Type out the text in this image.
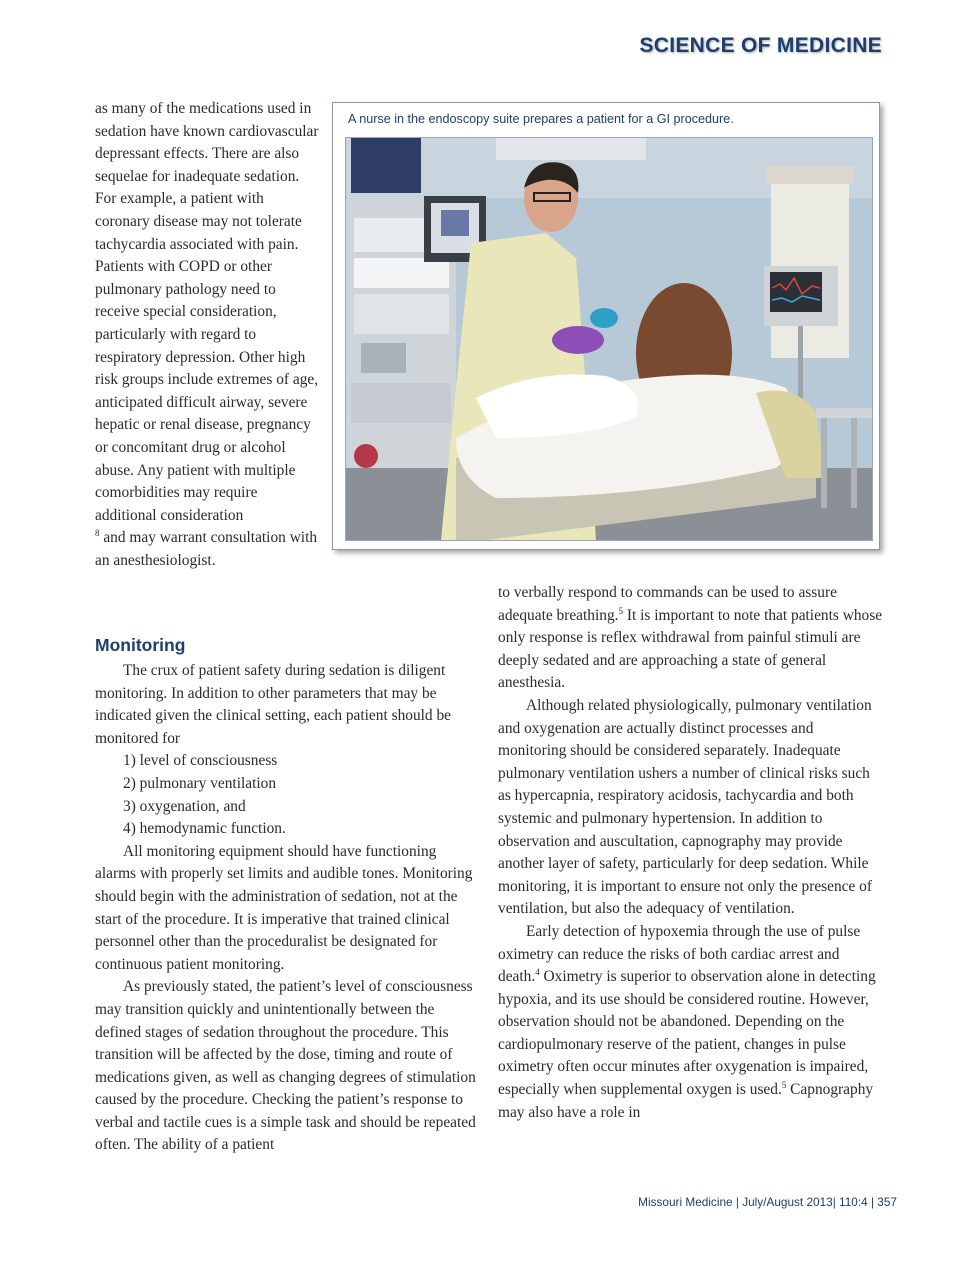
SCIENCE OF MEDICINE

as many of the medications used in sedation have known cardiovascular depressant effects. There are also sequelae for inadequate sedation. For example, a patient with coronary disease may not tolerate tachycardia associated with pain. Patients with COPD or other pulmonary pathology need to receive special consideration, particularly with regard to respiratory depression. Other high risk groups include extremes of age, anticipated difficult airway, severe hepatic or renal disease, pregnancy or concomitant drug or alcohol abuse. Any patient with multiple comorbidities may require additional consideration
$^8$ and may warrant consultation with an anesthesiologist.

A nurse in the endoscopy suite prepares a patient for a GI procedure.
Monitoring

The crux of patient safety during sedation is diligent monitoring. In addition to other parameters that may be indicated given the clinical setting, each patient should be monitored for

1) level of consciousness
2) pulmonary ventilation
3) oxygenation, and
4) hemodynamic function.

All monitoring equipment should have functioning alarms with properly set limits and audible tones. Monitoring should begin with the administration of sedation, not at the start of the procedure. It is imperative that trained clinical personnel other than the proceduralist be designated for continuous patient monitoring.

As previously stated, the patient’s level of consciousness may transition quickly and unintentionally between the defined stages of sedation throughout the procedure. This transition will be affected by the dose, timing and route of medications given, as well as changing degrees of stimulation caused by the procedure. Checking the patient’s response to verbal and tactile cues is a simple task and should be repeated often. The ability of a patient

to verbally respond to commands can be used to assure adequate breathing.$^5$ It is important to note that patients whose only response is reflex withdrawal from painful stimuli are deeply sedated and are approaching a state of general anesthesia.

Although related physiologically, pulmonary ventilation and oxygenation are actually distinct processes and monitoring should be considered separately. Inadequate pulmonary ventilation ushers a number of clinical risks such as hypercapnia, respiratory acidosis, tachycardia and both systemic and pulmonary hypertension. In addition to observation and auscultation, capnography may provide another layer of safety, particularly for deep sedation. While monitoring, it is important to ensure not only the presence of ventilation, but also the adequacy of ventilation.

Early detection of hypoxemia through the use of pulse oximetry can reduce the risks of both cardiac arrest and death.$^4$ Oximetry is superior to observation alone in detecting hypoxia, and its use should be considered routine. However, observation should not be abandoned. Depending on the cardiopulmonary reserve of the patient, changes in pulse oximetry often occur minutes after oxygenation is impaired, especially when supplemental oxygen is used.$^5$ Capnography may also have a role in

Missouri Medicine | July/August 2013| 110:4 | 357
